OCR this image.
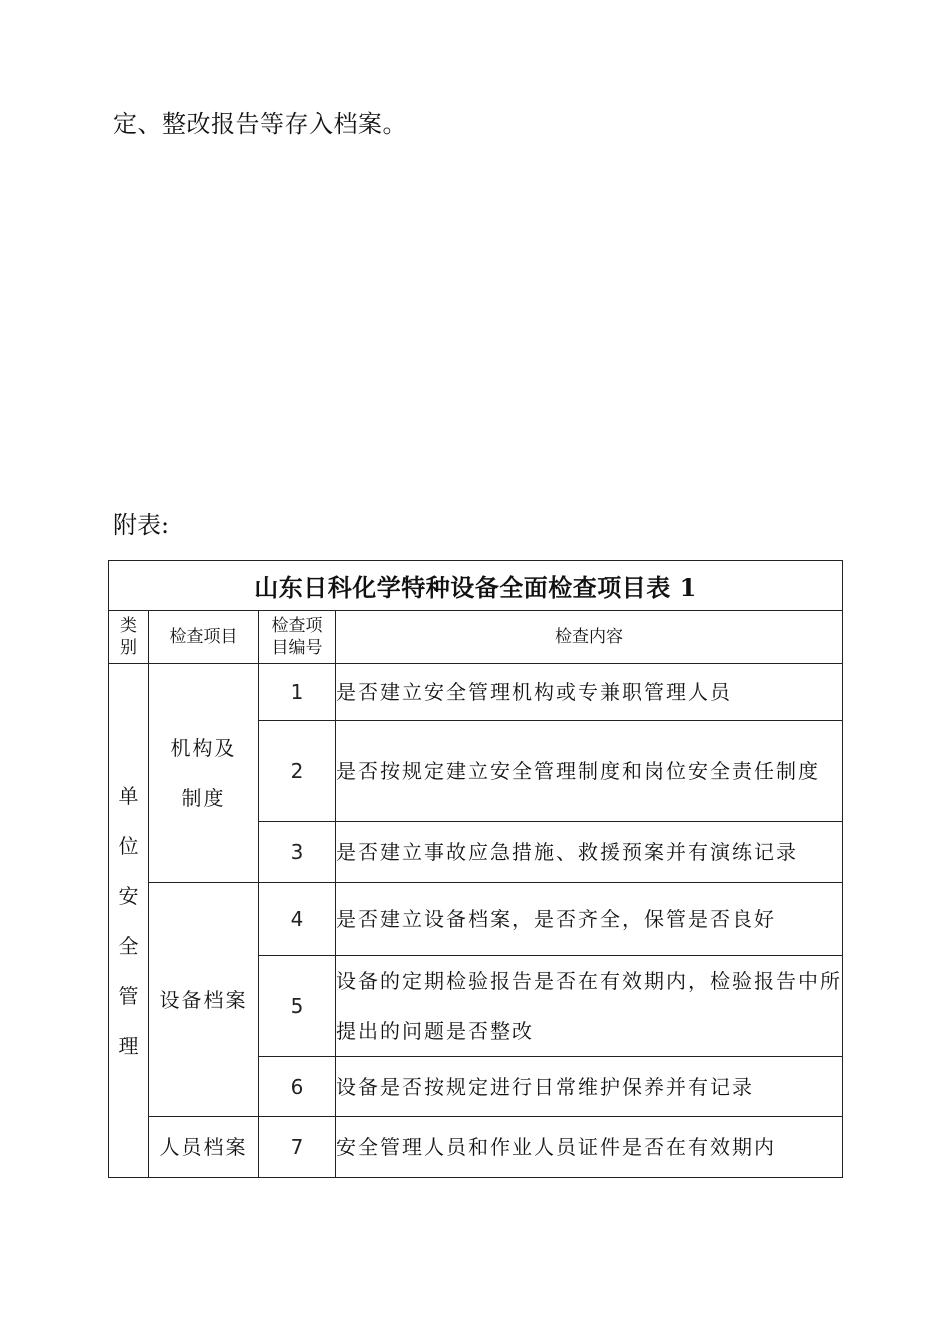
定、整改报告等存入档案。

附表:

山东日科化学特种设备全面检查项目表 1			
类别	检查项目	检查项目编号	检查内容
单位安全管理	机构及制度	1	是否建立安全管理机构或专兼职管理人员
		2	是否按规定建立安全管理制度和岗位安全责任制度
		3	是否建立事故应急措施、救援预案并有演练记录
	设备档案	4	是否建立设备档案，是否齐全，保管是否良好
		5	设备的定期检验报告是否在有效期内，检验报告中所提出的问题是否整改
		6	设备是否按规定进行日常维护保养并有记录
	人员档案	7	安全管理人员和作业人员证件是否在有效期内
